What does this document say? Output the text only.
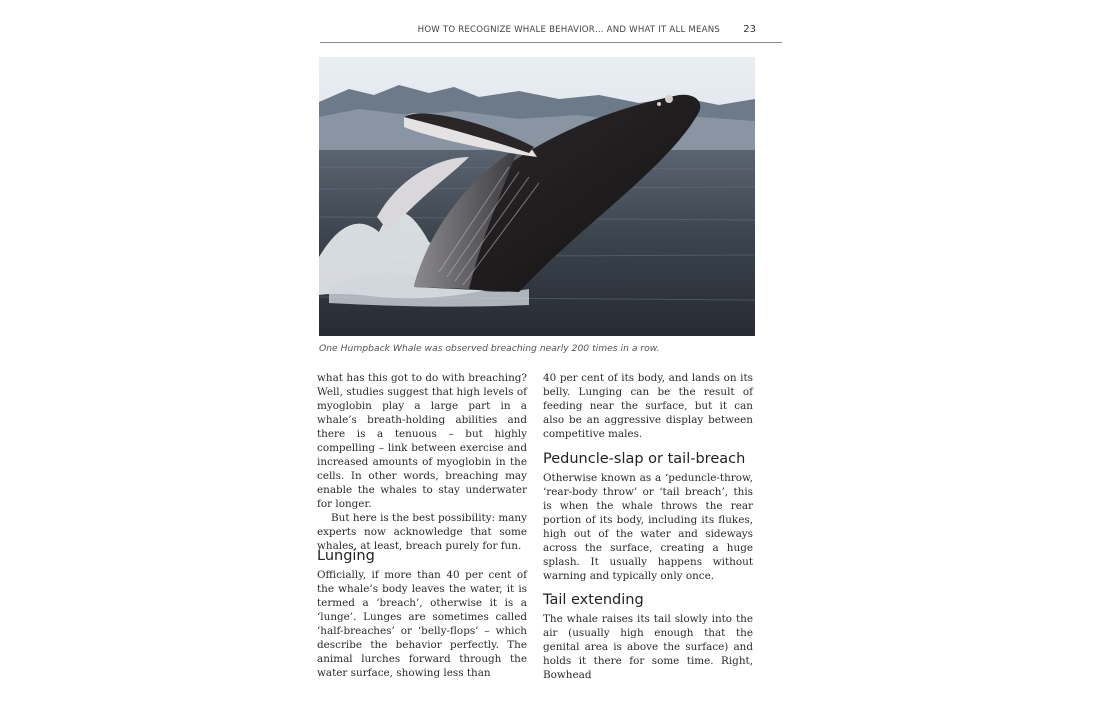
HOW TO RECOGNIZE WHALE BEHAVIOR… AND WHAT IT ALL MEANS 23
One Humpback Whale was observed breaching nearly 200 times in a row.

what has this got to do with breaching? Well, studies suggest that high levels of myoglobin play a large part in a whale’s breath-holding abilities and there is a tenuous – but highly compelling – link between exercise and increased amounts of myoglobin in the cells. In other words, breaching may enable the whales to stay underwater for longer.

But here is the best possibility: many experts now acknowledge that some whales, at least, breach purely for fun.

Lunging

Officially, if more than 40 per cent of the whale’s body leaves the water, it is termed a ‘breach’, otherwise it is a ‘lunge’. Lunges are sometimes called ‘half-breaches’ or ‘belly-flops’ – which describe the behavior perfectly. The animal lurches forward through the water surface, showing less than

40 per cent of its body, and lands on its belly. Lunging can be the result of feeding near the surface, but it can also be an aggressive display between competitive males.

Peduncle-slap or tail-breach

Otherwise known as a ‘peduncle-throw, ‘rear-body throw’ or ‘tail breach’, this is when the whale throws the rear portion of its body, including its flukes, high out of the water and sideways across the surface, creating a huge splash. It usually happens without warning and typically only once.

Tail extending

The whale raises its tail slowly into the air (usually high enough that the genital area is above the surface) and holds it there for some time. Right, Bowhead
